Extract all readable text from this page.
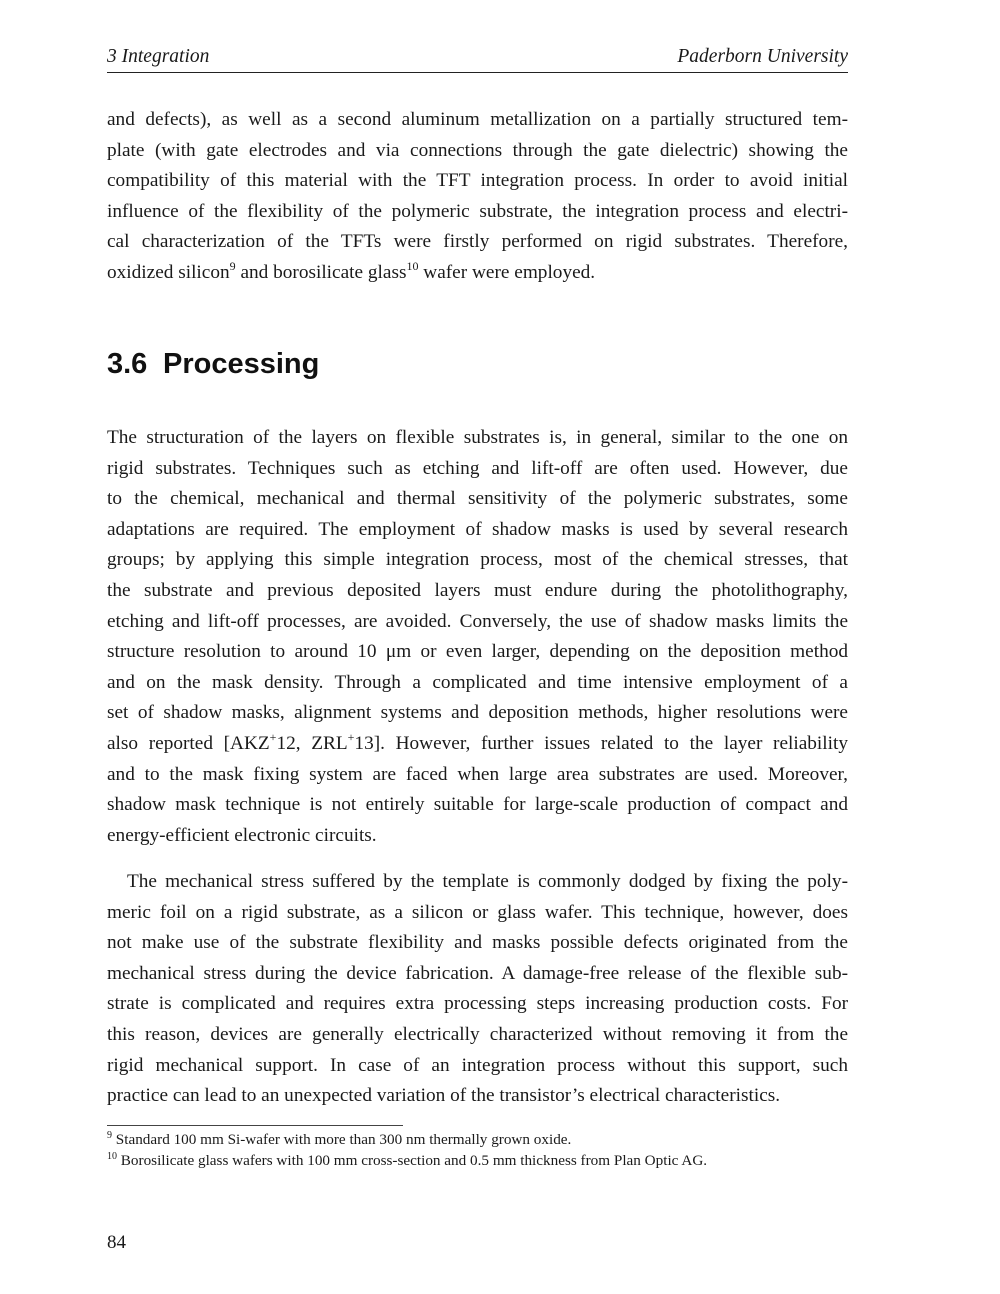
3 Integration	Paderborn University
and defects), as well as a second aluminum metallization on a partially structured tem-
plate (with gate electrodes and via connections through the gate dielectric) showing the
compatibility of this material with the TFT integration process. In order to avoid initial
influence of the flexibility of the polymeric substrate, the integration process and electri-
cal characterization of the TFTs were firstly performed on rigid substrates. Therefore,
oxidized silicon$^9$ and borosilicate glass$^{10}$ wafer were employed.
3.6 Processing
The structuration of the layers on flexible substrates is, in general, similar to the one on
rigid substrates. Techniques such as etching and lift-off are often used. However, due
to the chemical, mechanical and thermal sensitivity of the polymeric substrates, some
adaptations are required. The employment of shadow masks is used by several research
groups; by applying this simple integration process, most of the chemical stresses, that
the substrate and previous deposited layers must endure during the photolithography,
etching and lift-off processes, are avoided. Conversely, the use of shadow masks limits the
structure resolution to around 10 μm or even larger, depending on the deposition method
and on the mask density. Through a complicated and time intensive employment of a
set of shadow masks, alignment systems and deposition methods, higher resolutions were
also reported [AKZ+12, ZRL+13]. However, further issues related to the layer reliability
and to the mask fixing system are faced when large area substrates are used. Moreover,
shadow mask technique is not entirely suitable for large-scale production of compact and
energy-efficient electronic circuits.
The mechanical stress suffered by the template is commonly dodged by fixing the poly-
meric foil on a rigid substrate, as a silicon or glass wafer. This technique, however, does
not make use of the substrate flexibility and masks possible defects originated from the
mechanical stress during the device fabrication. A damage-free release of the flexible sub-
strate is complicated and requires extra processing steps increasing production costs. For
this reason, devices are generally electrically characterized without removing it from the
rigid mechanical support. In case of an integration process without this support, such
practice can lead to an unexpected variation of the transistor’s electrical characteristics.
$^9$ Standard 100 mm Si-wafer with more than 300 nm thermally grown oxide.
$^{10}$ Borosilicate glass wafers with 100 mm cross-section and 0.5 mm thickness from Plan Optic AG.
84
